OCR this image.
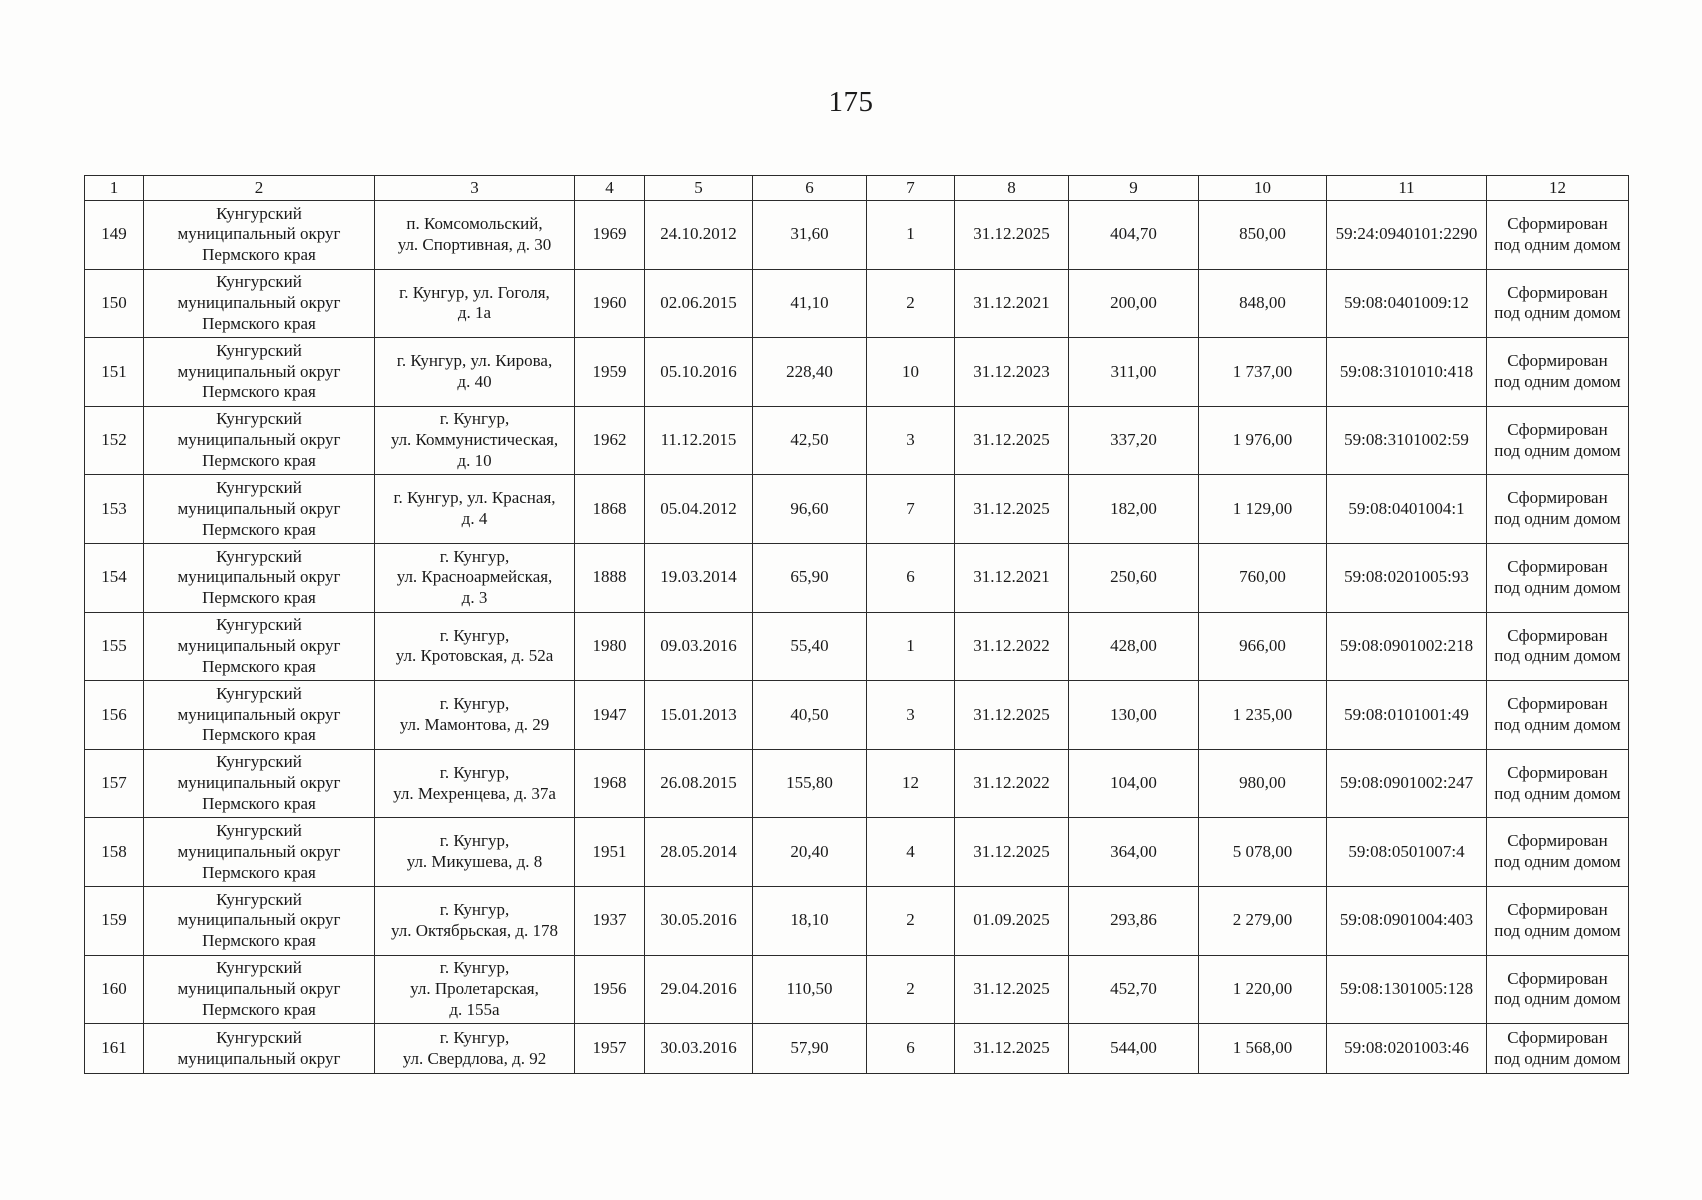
175
1	2	3	4	5	6	7	8	9	10	11	12
149	Кунгурский
муниципальный округ
Пермского края	п. Комсомольский,
ул. Спортивная, д. 30	1969	24.10.2012	31,60	1	31.12.2025	404,70	850,00	59:24:0940101:2290	Сформирован
под одним домом
150	Кунгурский
муниципальный округ
Пермского края	г. Кунгур, ул. Гоголя,
д. 1а	1960	02.06.2015	41,10	2	31.12.2021	200,00	848,00	59:08:0401009:12	Сформирован
под одним домом
151	Кунгурский
муниципальный округ
Пермского края	г. Кунгур, ул. Кирова,
д. 40	1959	05.10.2016	228,40	10	31.12.2023	311,00	1 737,00	59:08:3101010:418	Сформирован
под одним домом
152	Кунгурский
муниципальный округ
Пермского края	г. Кунгур,
ул. Коммунистическая,
д. 10	1962	11.12.2015	42,50	3	31.12.2025	337,20	1 976,00	59:08:3101002:59	Сформирован
под одним домом
153	Кунгурский
муниципальный округ
Пермского края	г. Кунгур, ул. Красная,
д. 4	1868	05.04.2012	96,60	7	31.12.2025	182,00	1 129,00	59:08:0401004:1	Сформирован
под одним домом
154	Кунгурский
муниципальный округ
Пермского края	г. Кунгур,
ул. Красноармейская,
д. 3	1888	19.03.2014	65,90	6	31.12.2021	250,60	760,00	59:08:0201005:93	Сформирован
под одним домом
155	Кунгурский
муниципальный округ
Пермского края	г. Кунгур,
ул. Кротовская, д. 52а	1980	09.03.2016	55,40	1	31.12.2022	428,00	966,00	59:08:0901002:218	Сформирован
под одним домом
156	Кунгурский
муниципальный округ
Пермского края	г. Кунгур,
ул. Мамонтова, д. 29	1947	15.01.2013	40,50	3	31.12.2025	130,00	1 235,00	59:08:0101001:49	Сформирован
под одним домом
157	Кунгурский
муниципальный округ
Пермского края	г. Кунгур,
ул. Мехренцева, д. 37а	1968	26.08.2015	155,80	12	31.12.2022	104,00	980,00	59:08:0901002:247	Сформирован
под одним домом
158	Кунгурский
муниципальный округ
Пермского края	г. Кунгур,
ул. Микушева, д. 8	1951	28.05.2014	20,40	4	31.12.2025	364,00	5 078,00	59:08:0501007:4	Сформирован
под одним домом
159	Кунгурский
муниципальный округ
Пермского края	г. Кунгур,
ул. Октябрьская, д. 178	1937	30.05.2016	18,10	2	01.09.2025	293,86	2 279,00	59:08:0901004:403	Сформирован
под одним домом
160	Кунгурский
муниципальный округ
Пермского края	г. Кунгур,
ул. Пролетарская,
д. 155а	1956	29.04.2016	110,50	2	31.12.2025	452,70	1 220,00	59:08:1301005:128	Сформирован
под одним домом
161	Кунгурский
муниципальный округ	г. Кунгур,
ул. Свердлова, д. 92	1957	30.03.2016	57,90	6	31.12.2025	544,00	1 568,00	59:08:0201003:46	Сформирован
под одним домом
